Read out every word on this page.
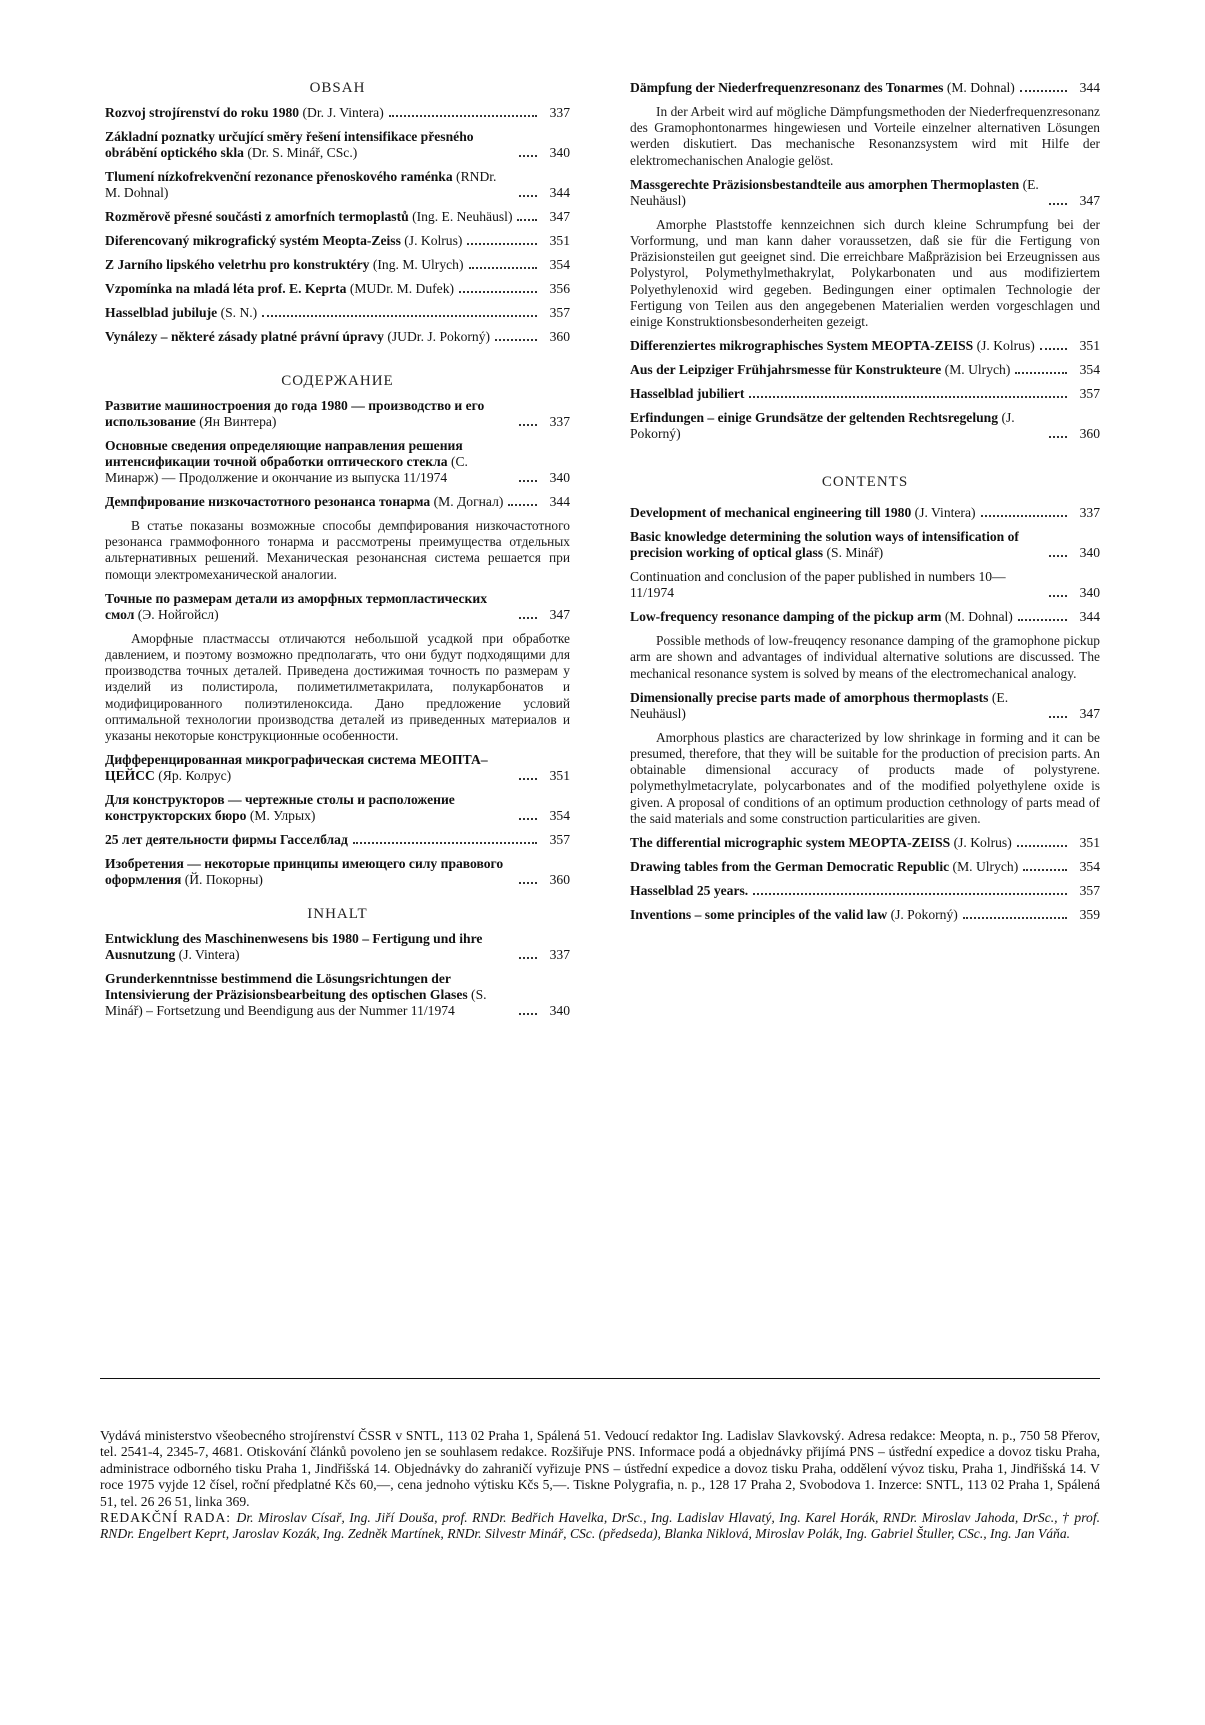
OBSAH
Rozvoj strojírenství do roku 1980 (Dr. J. Vintera)	337
Základní poznatky určující směry řešení intensifikace přesného obrábění optického skla (Dr. S. Minář, CSc.)	340
Tlumení nízkofrekvenční rezonance přenoskového raménka (RNDr. M. Dohnal)	344
Rozměrově přesné součásti z amorfních termoplastů (Ing. E. Neuhäusl)	347
Diferencovaný mikrografický systém Meopta-Zeiss (J. Kolrus)	351
Z Jarního lipského veletrhu pro konstruktéry (Ing. M. Ulrych)	354
Vzpomínka na mladá léta prof. E. Keprta (MUDr. M. Dufek)	356
Hasselblad jubiluje (S. N.)	357
Vynálezy – některé zásady platné právní úpravy (JUDr. J. Pokorný)	360
СОДЕРЖАНИЕ
Развитие машиностроения до года 1980 — производство и его использование (Ян Винтера)	337
Основные сведения определяющие направления решения интенсификации точной обработки оптического стекла (С. Минарж) — Продолжение и окончание из выпуска 11/1974	340
Демпфирование низкочастотного резонанса тонарма (М. Догнал)	344
В статье показаны возможные способы демпфирования низкочастотного резонанса граммофонного тонарма и рассмотрены преимущества отдельных альтернативных решений. Механическая резонансная система решается при помощи электромеханической аналогии.
Точные по размерам детали из аморфных термопластических смол (Э. Нойгойсл)	347
Аморфные пластмассы отличаются небольшой усадкой при обработке давлением, и поэтому возможно предполагать, что они будут подходящими для производства точных деталей. Приведена достижимая точность по размерам у изделий из полистирола, полиметилметакрилата, полукарбонатов и модифицированного полиэтиленоксида. Дано предложение условий оптимальной технологии производства деталей из приведенных материалов и указаны некоторые конструкционные особенности.
Дифференцированная микрографическая система МЕОПТА–ЦЕЙСС (Яр. Колрус)	351
Для конструкторов — чертежные столы и расположение конструкторских бюро (М. Улрых)	354
25 лет деятельности фирмы Гасселблад	357
Изобретения — некоторые принципы имеющего силу правового оформления (Й. Покорны)	360
INHALT
Entwicklung des Maschinenwesens bis 1980 – Fertigung und ihre Ausnutzung (J. Vintera)	337
Grunderkenntnisse bestimmend die Lösungsrichtungen der Intensivierung der Präzisionsbearbeitung des optischen Glases (S. Minář) – Fortsetzung und Beendigung aus der Nummer 11/1974	340
Dämpfung der Niederfrequenzresonanz des Tonarmes (M. Dohnal)	344
In der Arbeit wird auf mögliche Dämpfungsmethoden der Niederfrequenzresonanz des Gramophontonarmes hingewiesen und Vorteile einzelner alternativen Lösungen werden diskutiert. Das mechanische Resonanzsystem wird mit Hilfe der elektromechanischen Analogie gelöst.
Massgerechte Präzisionsbestandteile aus amorphen Thermoplasten (E. Neuhäusl)	347
Amorphe Plaststoffe kennzeichnen sich durch kleine Schrumpfung bei der Vorformung, und man kann daher voraussetzen, daß sie für die Fertigung von Präzisionsteilen gut geeignet sind. Die erreichbare Maßpräzision bei Erzeugnissen aus Polystyrol, Polymethylmethakrylat, Polykarbonaten und aus modifiziertem Polyethylenoxid wird gegeben. Bedingungen einer optimalen Technologie der Fertigung von Teilen aus den angegebenen Materialien werden vorgeschlagen und einige Konstruktionsbesonderheiten gezeigt.
Differenziertes mikrographisches System MEOPTA-ZEISS (J. Kolrus)	351
Aus der Leipziger Frühjahrsmesse für Konstrukteure (M. Ulrych)	354
Hasselblad jubiliert	357
Erfindungen – einige Grundsätze der geltenden Rechtsregelung (J. Pokorný)	360
CONTENTS
Development of mechanical engineering till 1980 (J. Vintera)	337
Basic knowledge determining the solution ways of intensification of precision working of optical glass (S. Minář)	340
Continuation and conclusion of the paper published in numbers 10—11/1974	340
Low-frequency resonance damping of the pickup arm (M. Dohnal)	344
Possible methods of low-freuqency resonance damping of the gramophone pickup arm are shown and advantages of individual alternative solutions are discussed. The mechanical resonance system is solved by means of the electromechanical analogy.
Dimensionally precise parts made of amorphous thermoplasts (E. Neuhäusl)	347
Amorphous plastics are characterized by low shrinkage in forming and it can be presumed, therefore, that they will be suitable for the production of precision parts. An obtainable dimensional accuracy of products made of polystyrene. polymethylmetacrylate, polycarbonates and of the modified polyethylene oxide is given. A proposal of conditions of an optimum production cethnology of parts mead of the said materials and some construction particularities are given.
The differential micrographic system MEOPTA-ZEISS (J. Kolrus)	351
Drawing tables from the German Democratic Republic (M. Ulrych)	354
Hasselblad 25 years.	357
Inventions – some principles of the valid law (J. Pokorný)	359
Vydává ministerstvo všeobecného strojírenství ČSSR v SNTL, 113 02 Praha 1, Spálená 51. Vedoucí redaktor Ing. Ladislav Slavkovský. Adresa redakce: Meopta, n. p., 750 58 Přerov, tel. 2541-4, 2345-7, 4681. Otiskování článků povoleno jen se souhlasem redakce. Rozšiřuje PNS. Informace podá a objednávky přijímá PNS – ústřední expedice a dovoz tisku Praha, administrace odborného tisku Praha 1, Jindřišská 14. Objednávky do zahraničí vyřizuje PNS – ústřední expedice a dovoz tisku Praha, oddělení vývoz tisku, Praha 1, Jindřišská 14. V roce 1975 vyjde 12 čísel, roční předplatné Kčs 60,—, cena jednoho výtisku Kčs 5,—. Tiskne Polygrafia, n. p., 128 17 Praha 2, Svobodova 1. Inzerce: SNTL, 113 02 Praha 1, Spálená 51, tel. 26 26 51, linka 369.
REDAKČNÍ RADA: Dr. Miroslav Císař, Ing. Jiří Douša, prof. RNDr. Bedřich Havelka, DrSc., Ing. Ladislav Hlavatý, Ing. Karel Horák, RNDr. Miroslav Jahoda, DrSc., † prof. RNDr. Engelbert Keprt, Jaroslav Kozák, Ing. Zedněk Martínek, RNDr. Silvestr Minář, CSc. (předseda), Blanka Niklová, Miroslav Polák, Ing. Gabriel Štuller, CSc., Ing. Jan Váňa.
